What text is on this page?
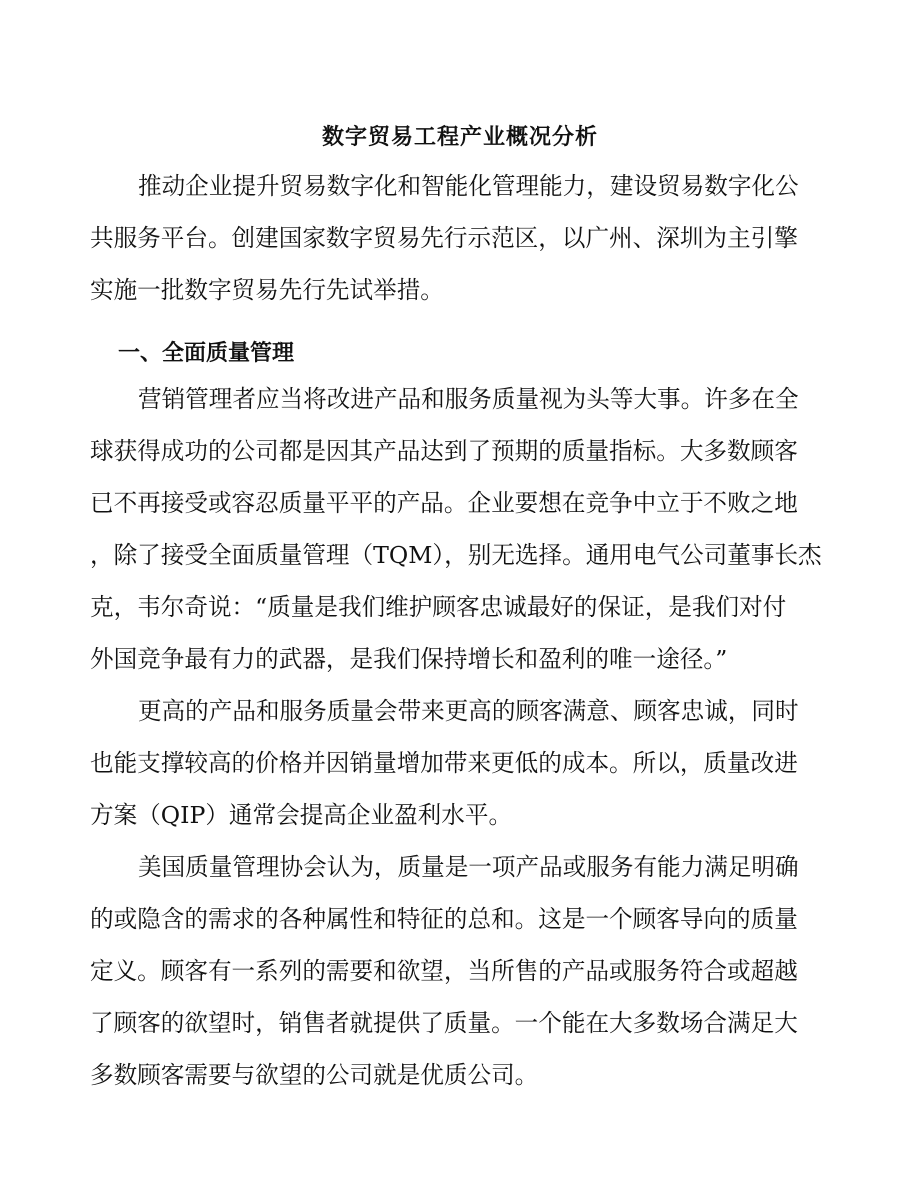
数字贸易工程产业概况分析
推动企业提升贸易数字化和智能化管理能力，建设贸易数字化公
共服务平台。创建国家数字贸易先行示范区，以广州、深圳为主引擎
实施一批数字贸易先行先试举措。
一、全面质量管理
营销管理者应当将改进产品和服务质量视为头等大事。许多在全
球获得成功的公司都是因其产品达到了预期的质量指标。大多数顾客
已不再接受或容忍质量平平的产品。企业要想在竞争中立于不败之地
，除了接受全面质量管理（TQM），别无选择。通用电气公司董事长杰
克，韦尔奇说：“质量是我们维护顾客忠诚最好的保证，是我们对付
外国竞争最有力的武器，是我们保持增长和盈利的唯一途径。”
更高的产品和服务质量会带来更高的顾客满意、顾客忠诚，同时
也能支撑较高的价格并因销量增加带来更低的成本。所以，质量改进
方案（QIP）通常会提高企业盈利水平。
美国质量管理协会认为，质量是一项产品或服务有能力满足明确
的或隐含的需求的各种属性和特征的总和。这是一个顾客导向的质量
定义。顾客有一系列的需要和欲望，当所售的产品或服务符合或超越
了顾客的欲望时，销售者就提供了质量。一个能在大多数场合满足大
多数顾客需要与欲望的公司就是优质公司。
